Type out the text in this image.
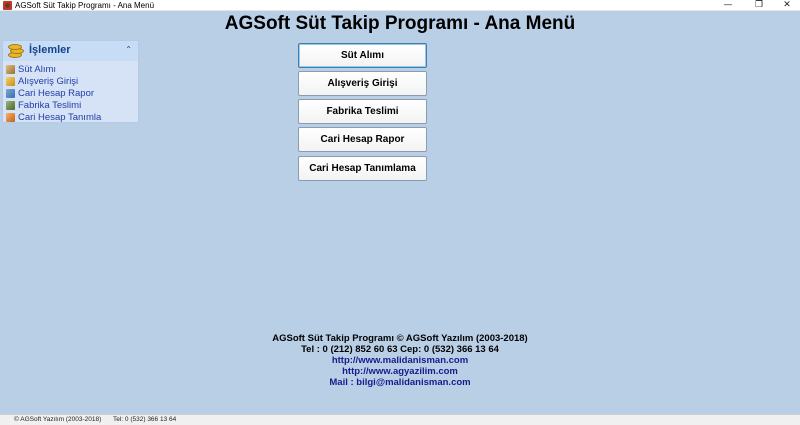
AGSoft Süt Takip Programı - Ana Menü	—	❐	✕
AGSoft Süt Takip Programı - Ana Menü
İşlemler	⌃
Süt Alımı
Alışveriş Girişi
Cari Hesap Rapor
Fabrika Teslimi
Cari Hesap Tanımla
Süt Alımı
Alışveriş Girişi
Fabrika Teslimi
Cari Hesap Rapor
Cari Hesap Tanımlama
AGSoft Süt Takip Programı © AGSoft Yazılım (2003-2018)
Tel : 0 (212) 852 60 63 Cep: 0 (532) 366 13 64
http://www.malidanisman.com
http://www.agyazilim.com
Mail : bilgi@malidanisman.com
© AGSoft Yazılım (2003-2018) Tel: 0 (532) 366 13 64
